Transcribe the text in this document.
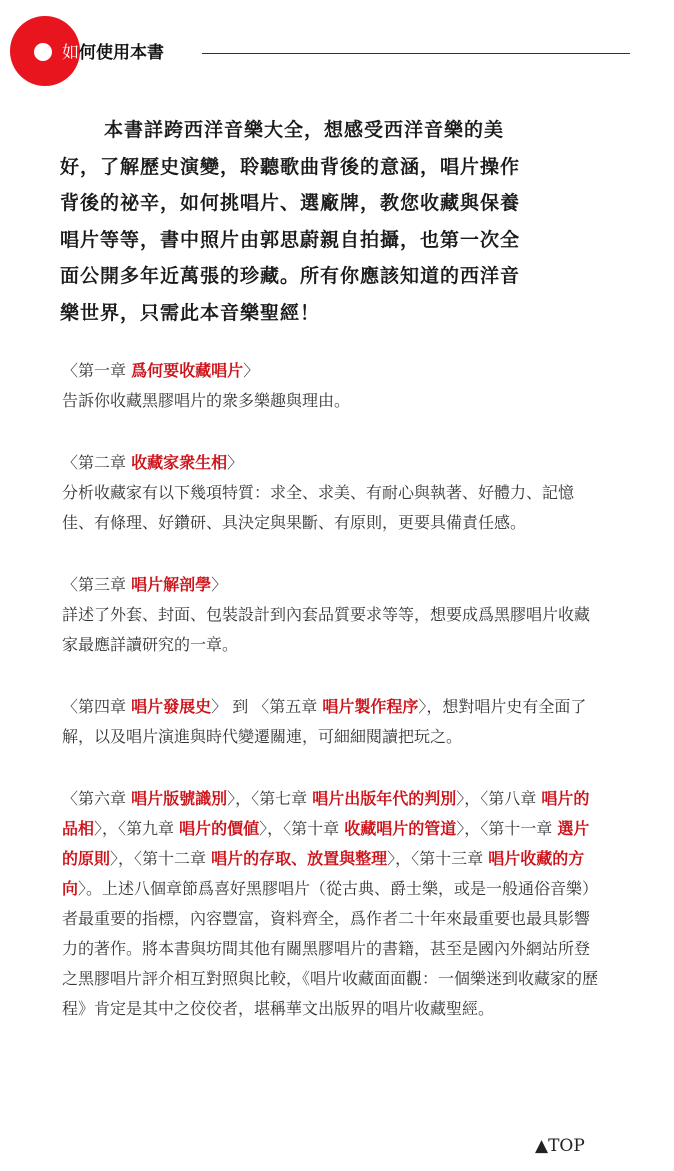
如 何使用本書
本書詳跨西洋音樂大全，想感受西洋音樂的美
好，了解歷史演變，聆聽歌曲背後的意涵，唱片操作
背後的祕辛，如何挑唱片、選廠牌，教您收藏與保養
唱片等等，書中照片由郭思蔚親自拍攝，也第一次全
面公開多年近萬張的珍藏。所有你應該知道的西洋音
樂世界，只需此本音樂聖經！
〈第一章 爲何要收藏唱片〉
告訴你收藏黑膠唱片的衆多樂趣與理由。
〈第二章 收藏家衆生相〉
分析收藏家有以下幾項特質：求全、求美、有耐心與執著、好體力、記憶佳、有條理、好鑽研、具決定與果斷、有原則，更要具備責任感。
〈第三章 唱片解剖學〉
詳述了外套、封面、包裝設計到內套品質要求等等，想要成爲黑膠唱片收藏家最應詳讀研究的一章。
〈第四章 唱片發展史〉 到 〈第五章 唱片製作程序〉，想對唱片史有全面了解，以及唱片演進與時代變遷關連，可細細閱讀把玩之。
〈第六章 唱片版號識別〉，〈第七章 唱片出版年代的判別〉，〈第八章 唱片的品相〉，〈第九章 唱片的價値〉，〈第十章 收藏唱片的管道〉，〈第十一章 選片的原則〉，〈第十二章 唱片的存取、放置與整理〉，〈第十三章 唱片收藏的方向〉。上述八個章節爲喜好黑膠唱片（從古典、爵士樂，或是一般通俗音樂）者最重要的指標，內容豐富，資料齊全，爲作者二十年來最重要也最具影響力的著作。將本書與坊間其他有關黑膠唱片的書籍，甚至是國內外網站所登之黑膠唱片評介相互對照與比較，《唱片收藏面面觀：一個樂迷到收藏家的歷程》肯定是其中之佼佼者，堪稱華文出版界的唱片收藏聖經。
▲TOP
